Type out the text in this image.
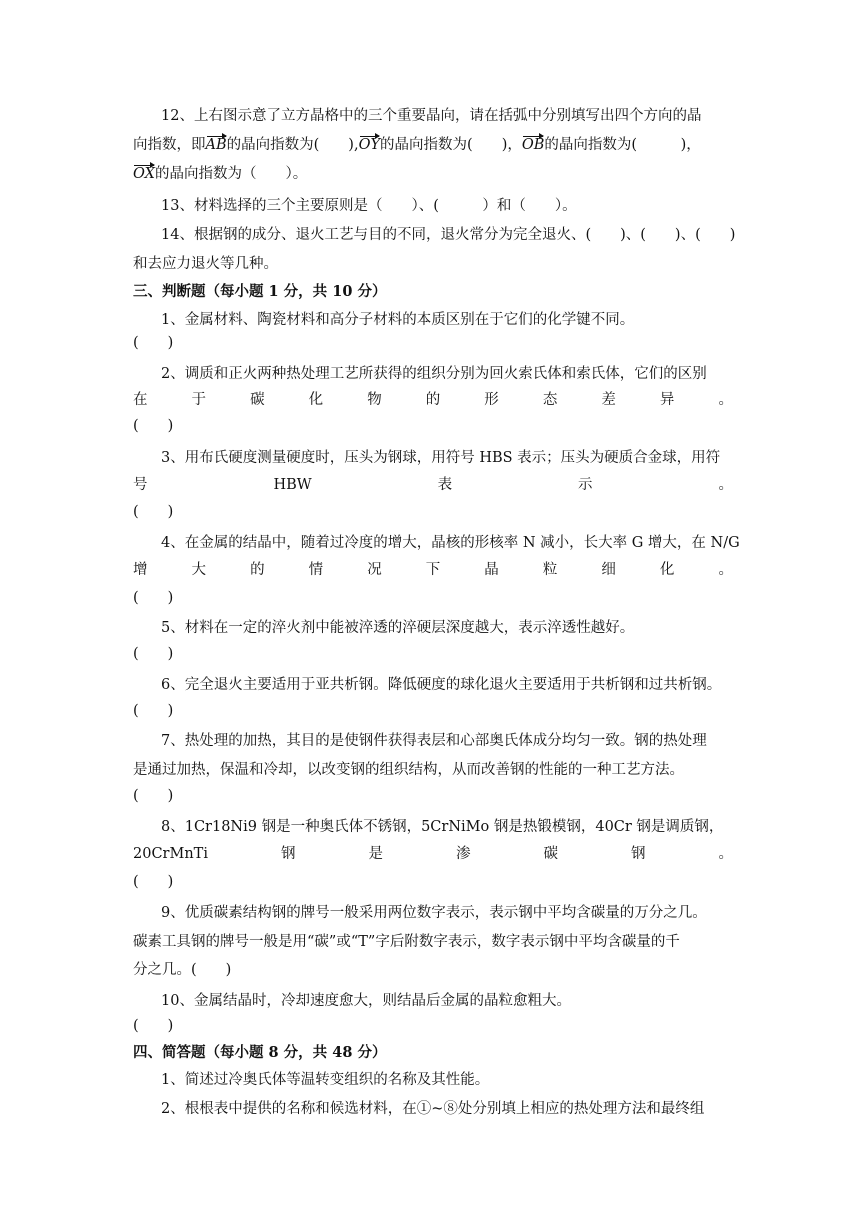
12、上右图示意了立方晶格中的三个重要晶向，请在括弧中分别填写出四个方向的晶
向指数，即AB的晶向指数为(　　),OY的晶向指数为(　　)，OB的晶向指数为(　　　)，
OX的晶向指数为（　　）。
13、材料选择的三个主要原则是（　　）、(　　　）和（　　）。
14、根据钢的成分、退火工艺与目的不同，退火常分为完全退火、(　　)、(　　)、(　　)
和去应力退火等几种。
三、判断题（每小题 1 分，共 10 分）
1、金属材料、陶瓷材料和高分子材料的本质区别在于它们的化学键不同。
(　　)
2、调质和正火两种热处理工艺所获得的组织分别为回火索氏体和索氏体，它们的区别
在	于	碳	化	物	的	形	态	差	异	。
(　　)
3、用布氏硬度测量硬度时，压头为钢球，用符号 HBS 表示；压头为硬质合金球，用符
号	HBW	表	示	。
(　　)
4、在金属的结晶中，随着过冷度的增大，晶核的形核率 N 减小，长大率 G 增大，在 N/G
增	大	的	情	况	下	晶	粒	细	化	。
(　　)
5、材料在一定的淬火剂中能被淬透的淬硬层深度越大，表示淬透性越好。
(　　)
6、完全退火主要适用于亚共析钢。降低硬度的球化退火主要适用于共析钢和过共析钢。
(　　)
7、热处理的加热，其目的是使钢件获得表层和心部奥氏体成分均匀一致。钢的热处理
是通过加热，保温和冷却，以改变钢的组织结构，从而改善钢的性能的一种工艺方法。
(　　)
8、1Cr18Ni9 钢是一种奥氏体不锈钢，5CrNiMo 钢是热锻模钢，40Cr 钢是调质钢，
20CrMnTi	钢	是	渗	碳	钢	。
(　　)
9、优质碳素结构钢的牌号一般采用两位数字表示，表示钢中平均含碳量的万分之几。
碳素工具钢的牌号一般是用“碳”或“T”字后附数字表示，数字表示钢中平均含碳量的千
分之几。(　　)
10、金属结晶时，冷却速度愈大，则结晶后金属的晶粒愈粗大。
(　　)
四、简答题（每小题 8 分，共 48 分）
1、简述过冷奥氏体等温转变组织的名称及其性能。
2、根根表中提供的名称和候选材料，在①~⑧处分别填上相应的热处理方法和最终组
